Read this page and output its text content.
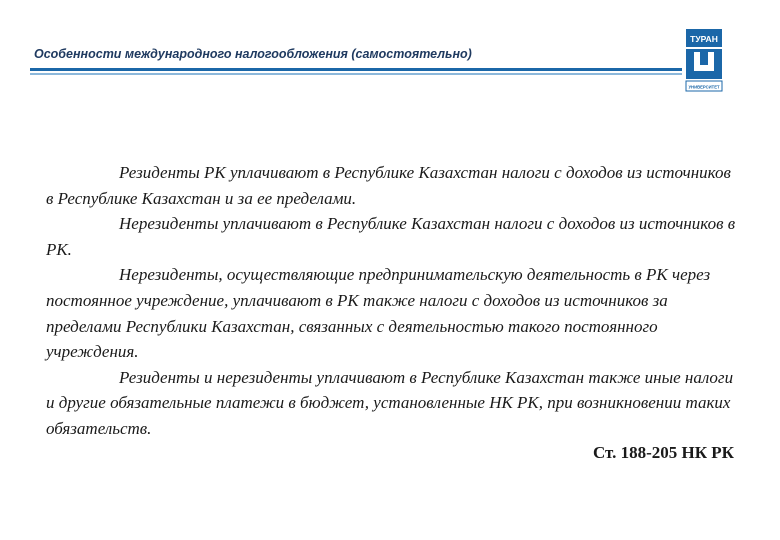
Особенности международного налогообложения (самостоятельно)
ТУРАН
УНИВЕРСИТЕТ

Резиденты РК уплачивают в Республике Казахстан налоги с доходов из источников в Республике Казахстан и за ее пределами.

Нерезиденты уплачивают в Республике Казахстан налоги с доходов из источников в РК.

Нерезиденты, осуществляющие предпринимательскую деятельность в РК через постоянное учреждение, уплачивают в РК также налоги с доходов из источников за пределами Республики Казахстан, связанных с деятельностью такого постоянного учреждения.

Резиденты и нерезиденты уплачивают в Республике Казахстан также иные налоги и другие обязательные платежи в бюджет, установленные НК РК, при возникновении таких обязательств.

Ст. 188-205 НК РК
